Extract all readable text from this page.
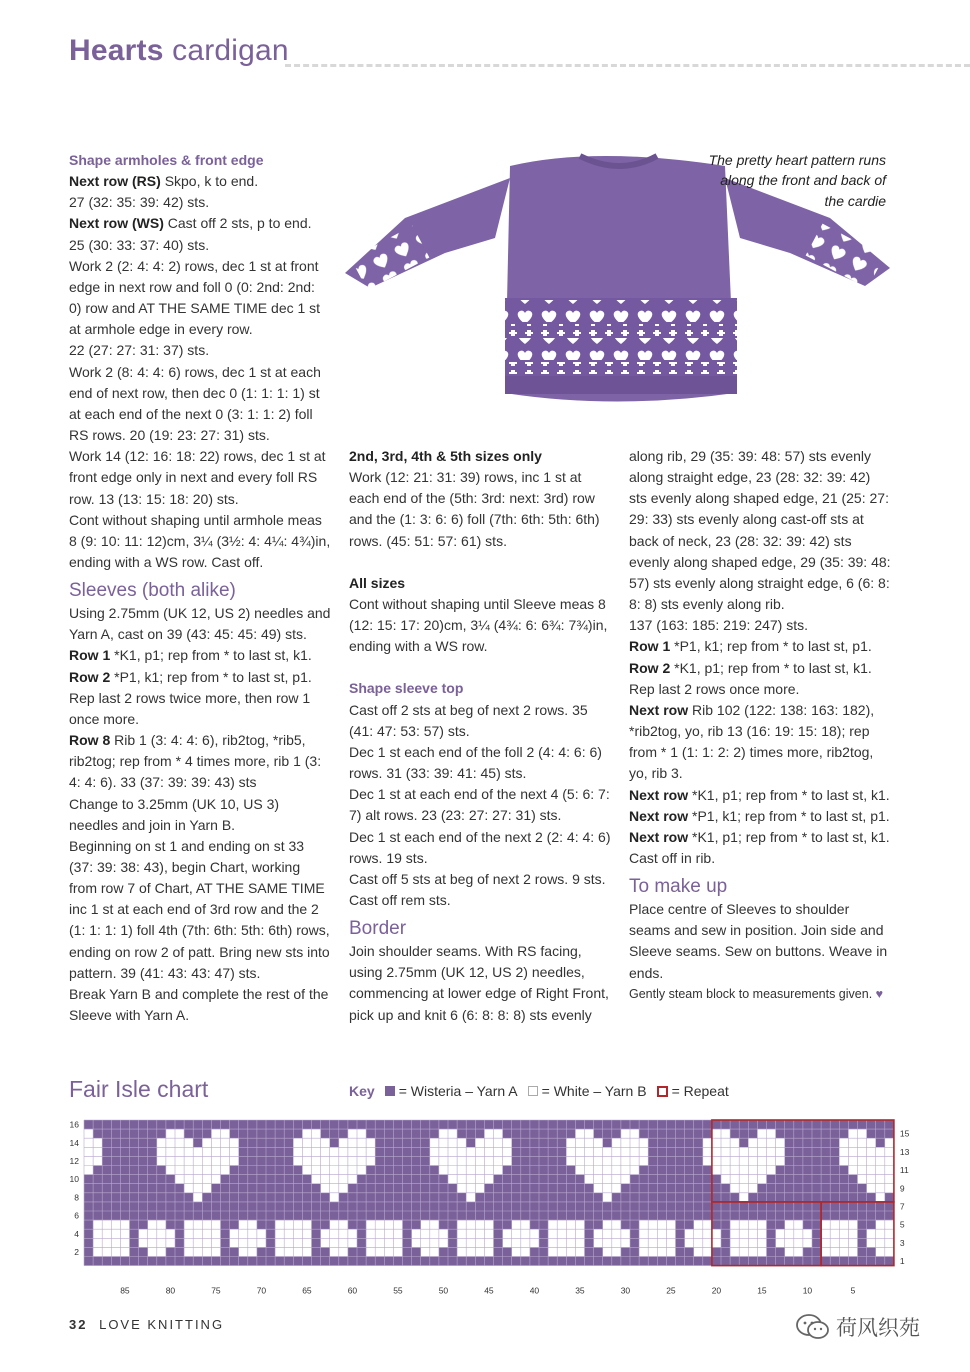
Hearts cardigan
The pretty heart pattern runs along the front and back of the cardie

Shape armholes & front edge

Next row (RS) Skpo, k to end.

27 (32: 35: 39: 42) sts.

Next row (WS) Cast off 2 sts, p to end.

25 (30: 33: 37: 40) sts.

Work 2 (2: 4: 4: 2) rows, dec 1 st at front edge in next row and foll 0 (0: 2nd: 2nd: 0) row and AT THE SAME TIME dec 1 st at armhole edge in every row.

22 (27: 27: 31: 37) sts.

Work 2 (8: 4: 4: 6) rows, dec 1 st at each end of next row, then dec 0 (1: 1: 1: 1) st at each end of the next 0 (3: 1: 1: 2) foll RS rows. 20 (19: 23: 27: 31) sts.

Work 14 (12: 16: 18: 22) rows, dec 1 st at front edge only in next and every foll RS row. 13 (13: 15: 18: 20) sts.

Cont without shaping until armhole meas 8 (9: 10: 11: 12)cm, 3¼ (3½: 4: 4¼: 4¾)in, ending with a WS row. Cast off.

Sleeves (both alike)

Using 2.75mm (UK 12, US 2) needles and Yarn A, cast on 39 (43: 45: 45: 49) sts.

Row 1 *K1, p1; rep from * to last st, k1.

Row 2 *P1, k1; rep from * to last st, p1.

Rep last 2 rows twice more, then row 1 once more.

Row 8 Rib 1 (3: 4: 4: 6), rib2tog, *rib5, rib2tog; rep from * 4 times more, rib 1 (3: 4: 4: 6). 33 (37: 39: 39: 43) sts

Change to 3.25mm (UK 10, US 3) needles and join in Yarn B.

Beginning on st 1 and ending on st 33 (37: 39: 38: 43), begin Chart, working from row 7 of Chart, AT THE SAME TIME inc 1 st at each end of 3rd row and the 2 (1: 1: 1: 1) foll 4th (7th: 6th: 5th: 6th) rows, ending on row 2 of patt. Bring new sts into pattern. 39 (41: 43: 43: 47) sts.

Break Yarn B and complete the rest of the Sleeve with Yarn A.

2nd, 3rd, 4th & 5th sizes only

Work (12: 21: 31: 39) rows, inc 1 st at each end of the (5th: 3rd: next: 3rd) row and the (1: 3: 6: 6) foll (7th: 6th: 5th: 6th) rows. (45: 51: 57: 61) sts.

All sizes

Cont without shaping until Sleeve meas 8 (12: 15: 17: 20)cm, 3¼ (4¾: 6: 6¾: 7¾)in, ending with a WS row.

Shape sleeve top

Cast off 2 sts at beg of next 2 rows. 35 (41: 47: 53: 57) sts.

Dec 1 st each end of the foll 2 (4: 4: 6: 6) rows. 31 (33: 39: 41: 45) sts.

Dec 1 st at each end of the next 4 (5: 6: 7: 7) alt rows. 23 (23: 27: 27: 31) sts.

Dec 1 st each end of the next 2 (2: 4: 4: 6) rows. 19 sts.

Cast off 5 sts at beg of next 2 rows. 9 sts. Cast off rem sts.

Border

Join shoulder seams. With RS facing, using 2.75mm (UK 12, US 2) needles, commencing at lower edge of Right Front, pick up and knit 6 (6: 8: 8: 8) sts evenly

along rib, 29 (35: 39: 48: 57) sts evenly along straight edge, 23 (28: 32: 39: 42) sts evenly along shaped edge, 21 (25: 27: 29: 33) sts evenly along cast-off sts at back of neck, 23 (28: 32: 39: 42) sts evenly along shaped edge, 29 (35: 39: 48: 57) sts evenly along straight edge, 6 (6: 8: 8: 8) sts evenly along rib.

137 (163: 185: 219: 247) sts.

Row 1 *P1, k1; rep from * to last st, p1.

Row 2 *K1, p1; rep from * to last st, k1.

Rep last 2 rows once more.

Next row Rib 102 (122: 138: 163: 182), *rib2tog, yo, rib 13 (16: 19: 15: 18); rep from * 1 (1: 1: 2: 2) times more, rib2tog, yo, rib 3.

Next row *K1, p1; rep from * to last st, k1.

Next row *P1, k1; rep from * to last st, p1.

Next row *K1, p1; rep from * to last st, k1.

Cast off in rib.

To make up

Place centre of Sleeves to shoulder seams and sew in position. Join side and Sleeve seams. Sew on buttons. Weave in ends.

Gently steam block to measurements given. ♥

Fair Isle chart	Key = Wisteria – Yarn A = White – Yarn B = Repeat
85	80	75	70	65	60	55	50	45	40	35	30	25	20	15	10	5
2
4
6
8
10
12
14
16
1
3
5
7
9
11
13
15
32 LOVE KNITTING	荷风织苑
